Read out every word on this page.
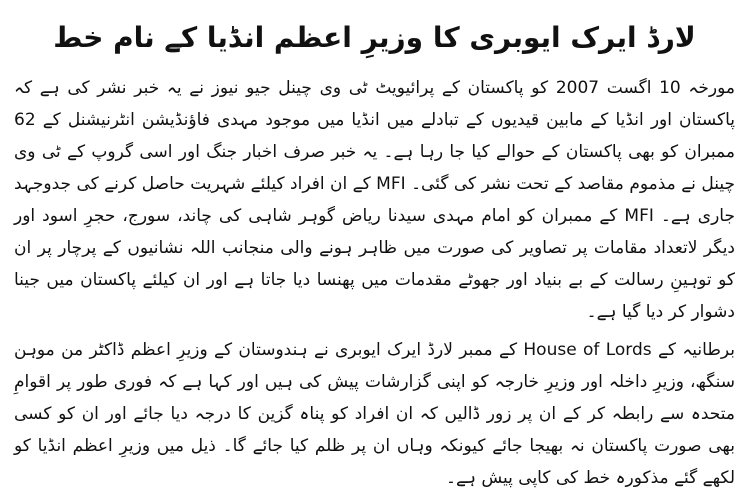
لارڈ ایرک ایوبری کا وزیرِ اعظم انڈیا کے نام خط

مورخہ 10 اگست 2007 کو پاکستان کے پرائیویٹ ٹی وی چینل جیو نیوز نے یہ خبر نشر کی ہے کہ پاکستان اور انڈیا کے مابین قیدیوں کے تبادلے میں انڈیا میں موجود مہدی فاؤنڈیشن انٹرنیشنل کے 62 ممبران کو بھی پاکستان کے حوالے کیا جا رہا ہے۔ یہ خبر صرف اخبار جنگ اور اسی گروپ کے ٹی وی چینل نے مذموم مقاصد کے تحت نشر کی گئی۔ MFI کے ان افراد کیلئے شہریت حاصل کرنے کی جدوجہد جاری ہے۔ MFI کے ممبران کو امام مہدی سیدنا ریاض گوہر شاہی کی چاند، سورج، حجرِ اسود اور دیگر لاتعداد مقامات پر تصاویر کی صورت میں ظاہر ہونے والی منجانب اللہ نشانیوں کے پرچار پر ان کو توہینِ رسالت کے بے بنیاد اور جھوٹے مقدمات میں پھنسا دیا جاتا ہے اور ان کیلئے پاکستان میں جینا دشوار کر دیا گیا ہے۔

برطانیہ کے House of Lords کے ممبر لارڈ ایرک ایوبری نے ہندوستان کے وزیرِ اعظم ڈاکٹر من موہن سنگھ، وزیرِ داخلہ اور وزیرِ خارجہ کو اپنی گزارشات پیش کی ہیں اور کہا ہے کہ فوری طور پر اقوامِ متحدہ سے رابطہ کر کے ان پر زور ڈالیں کہ ان افراد کو پناہ گزین کا درجہ دیا جائے اور ان کو کسی بھی صورت پاکستان نہ بھیجا جائے کیونکہ وہاں ان پر ظلم کیا جائے گا۔ ذیل میں وزیرِ اعظم انڈیا کو لکھے گئے مذکورہ خط کی کاپی پیش ہے۔
